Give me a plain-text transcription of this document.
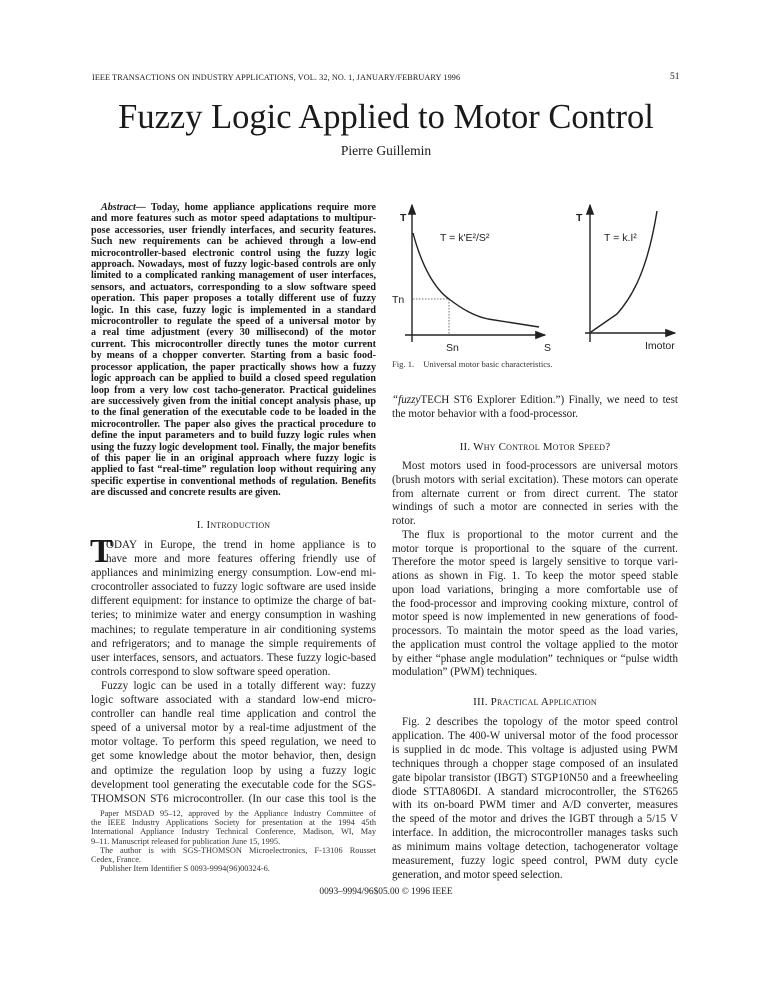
IEEE TRANSACTIONS ON INDUSTRY APPLICATIONS, VOL. 32, NO. 1, JANUARY/FEBRUARY 1996	51
Fuzzy Logic Applied to Motor Control
Pierre Guillemin
Abstract— Today, home appliance applications require more
and more features such as motor speed adaptations to multipur-
pose accessories, user friendly interfaces, and security features.
Such new requirements can be achieved through a low-end
microcontroller-based electronic control using the fuzzy logic
approach. Nowadays, most of fuzzy logic-based controls are only
limited to a complicated ranking management of user interfaces,
sensors, and actuators, corresponding to a slow software speed
operation. This paper proposes a totally different use of fuzzy
logic. In this case, fuzzy logic is implemented in a standard
microcontroller to regulate the speed of a universal motor by
a real time adjustment (every 30 millisecond) of the motor
current. This microcontroller directly tunes the motor current
by means of a chopper converter. Starting from a basic food-
processor application, the paper practically shows how a fuzzy
logic approach can be applied to build a closed speed regulation
loop from a very low cost tacho-generator. Practical guidelines
are successively given from the initial concept analysis phase, up
to the final generation of the executable code to be loaded in the
microcontroller. The paper also gives the practical procedure to
define the input parameters and to build fuzzy logic rules when
using the fuzzy logic development tool. Finally, the major benefits
of this paper lie in an original approach where fuzzy logic is
applied to fast “real-time” regulation loop without requiring any
specific expertise in conventional methods of regulation. Benefits
are discussed and concrete results are given.
I. Introduction
T
ODAY in Europe, the trend in home appliance is to
have more and more features offering friendly use of
appliances and minimizing energy consumption. Low-end mi-
crocontroller associated to fuzzy logic software are used inside
different equipment: for instance to optimize the charge of bat-
teries; to minimize water and energy consumption in washing
machines; to regulate temperature in air conditioning systems
and refrigerators; and to manage the simple requirements of
user interfaces, sensors, and actuators. These fuzzy logic-based
controls correspond to slow software speed operation.
Fuzzy logic can be used in a totally different way: fuzzy
logic software associated with a standard low-end micro-
controller can handle real time application and control the
speed of a universal motor by a real-time adjustment of the
motor voltage. To perform this speed regulation, we need to
get some knowledge about the motor behavior, then, design
and optimize the regulation loop by using a fuzzy logic
development tool generating the executable code for the SGS-
THOMSON ST6 microcontroller. (In our case this tool is the
Paper MSDAD 95–12, approved by the Appliance Industry Committee of
the IEEE Industry Applications Society for presentation at the 1994 45th
International Appliance Industry Technical Conference, Madison, WI, May
9–11. Manuscript released for publication June 15, 1995.
The author is with SGS-THOMSON Microelectronics, F-13106 Rousset
Cedex, France.
Publisher Item Identifier S 0093-9994(96)00324-6.
T
T = k'E²/S²
Tn
Sn	S
T
T = k.I²
Imotor
Fig. 1. Universal motor basic characteristics.
“fuzzyTECH ST6 Explorer Edition.”) Finally, we need to test
the motor behavior with a food-processor.
II. Why Control Motor Speed?
Most motors used in food-processors are universal motors
(brush motors with serial excitation). These motors can operate
from alternate current or from direct current. The stator
windings of such a motor are connected in series with the
rotor.
The flux is proportional to the motor current and the
motor torque is proportional to the square of the current.
Therefore the motor speed is largely sensitive to torque vari-
ations as shown in Fig. 1. To keep the motor speed stable
upon load variations, bringing a more comfortable use of
the food-processor and improving cooking mixture, control of
motor speed is now implemented in new generations of food-
processors. To maintain the motor speed as the load varies,
the application must control the voltage applied to the motor
by either “phase angle modulation” techniques or “pulse width
modulation” (PWM) techniques.
III. Practical Application
Fig. 2 describes the topology of the motor speed control
application. The 400-W universal motor of the food processor
is supplied in dc mode. This voltage is adjusted using PWM
techniques through a chopper stage composed of an insulated
gate bipolar transistor (IBGT) STGP10N50 and a freewheeling
diode STTA806DI. A standard microcontroller, the ST6265
with its on-board PWM timer and A/D converter, measures
the speed of the motor and drives the IGBT through a 5/15 V
interface. In addition, the microcontroller manages tasks such
as minimum mains voltage detection, tachogenerator voltage
measurement, fuzzy logic speed control, PWM duty cycle
generation, and motor speed selection.
0093–9994/96$05.00 © 1996 IEEE
